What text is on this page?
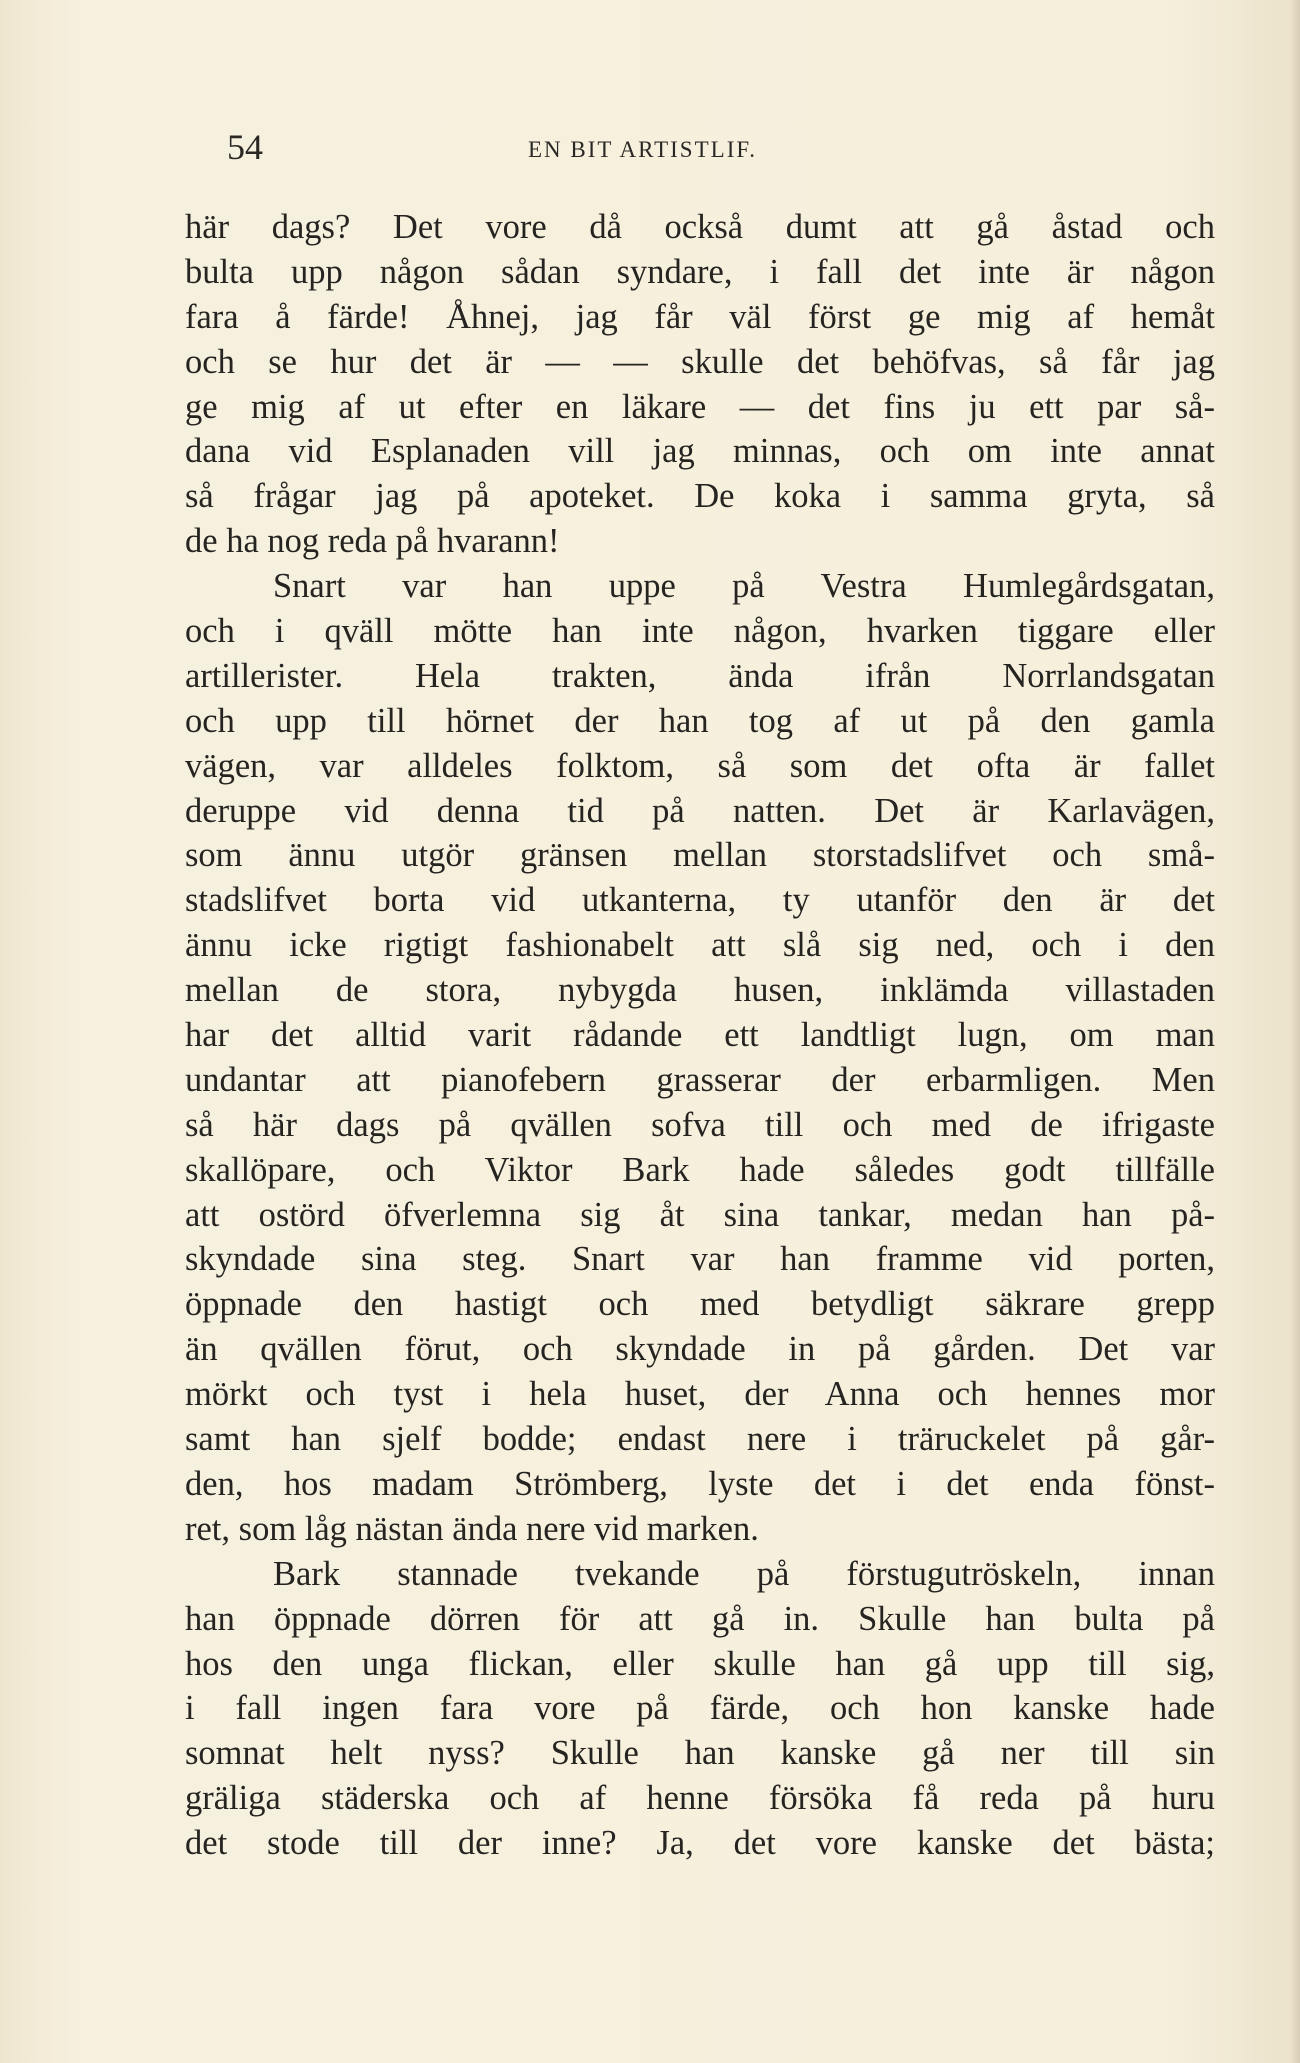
54	EN BIT ARTISTLIF.
här dags? Det vore då också dumt att gå åstad och
bulta upp någon sådan syndare, i fall det inte är någon
fara å färde! Åhnej, jag får väl först ge mig af hemåt
och se hur det är — — skulle det behöfvas, så får jag
ge mig af ut efter en läkare — det fins ju ett par så-
dana vid Esplanaden vill jag minnas, och om inte annat
så frågar jag på apoteket. De koka i samma gryta, så
de ha nog reda på hvarann!
Snart var han uppe på Vestra Humlegårdsgatan,
och i qväll mötte han inte någon, hvarken tiggare eller
artillerister. Hela trakten, ända ifrån Norrlandsgatan
och upp till hörnet der han tog af ut på den gamla
vägen, var alldeles folktom, så som det ofta är fallet
deruppe vid denna tid på natten. Det är Karlavägen,
som ännu utgör gränsen mellan storstadslifvet och små-
stadslifvet borta vid utkanterna, ty utanför den är det
ännu icke rigtigt fashionabelt att slå sig ned, och i den
mellan de stora, nybygda husen, inklämda villastaden
har det alltid varit rådande ett landtligt lugn, om man
undantar att pianofebern grasserar der erbarmligen. Men
så här dags på qvällen sofva till och med de ifrigaste
skallöpare, och Viktor Bark hade således godt tillfälle
att ostörd öfverlemna sig åt sina tankar, medan han på-
skyndade sina steg. Snart var han framme vid porten,
öppnade den hastigt och med betydligt säkrare grepp
än qvällen förut, och skyndade in på gården. Det var
mörkt och tyst i hela huset, der Anna och hennes mor
samt han sjelf bodde; endast nere i träruckelet på går-
den, hos madam Strömberg, lyste det i det enda fönst-
ret, som låg nästan ända nere vid marken.
Bark stannade tvekande på förstugutröskeln, innan
han öppnade dörren för att gå in. Skulle han bulta på
hos den unga flickan, eller skulle han gå upp till sig,
i fall ingen fara vore på färde, och hon kanske hade
somnat helt nyss? Skulle han kanske gå ner till sin
gräliga städerska och af henne försöka få reda på huru
det stode till der inne? Ja, det vore kanske det bästa;
